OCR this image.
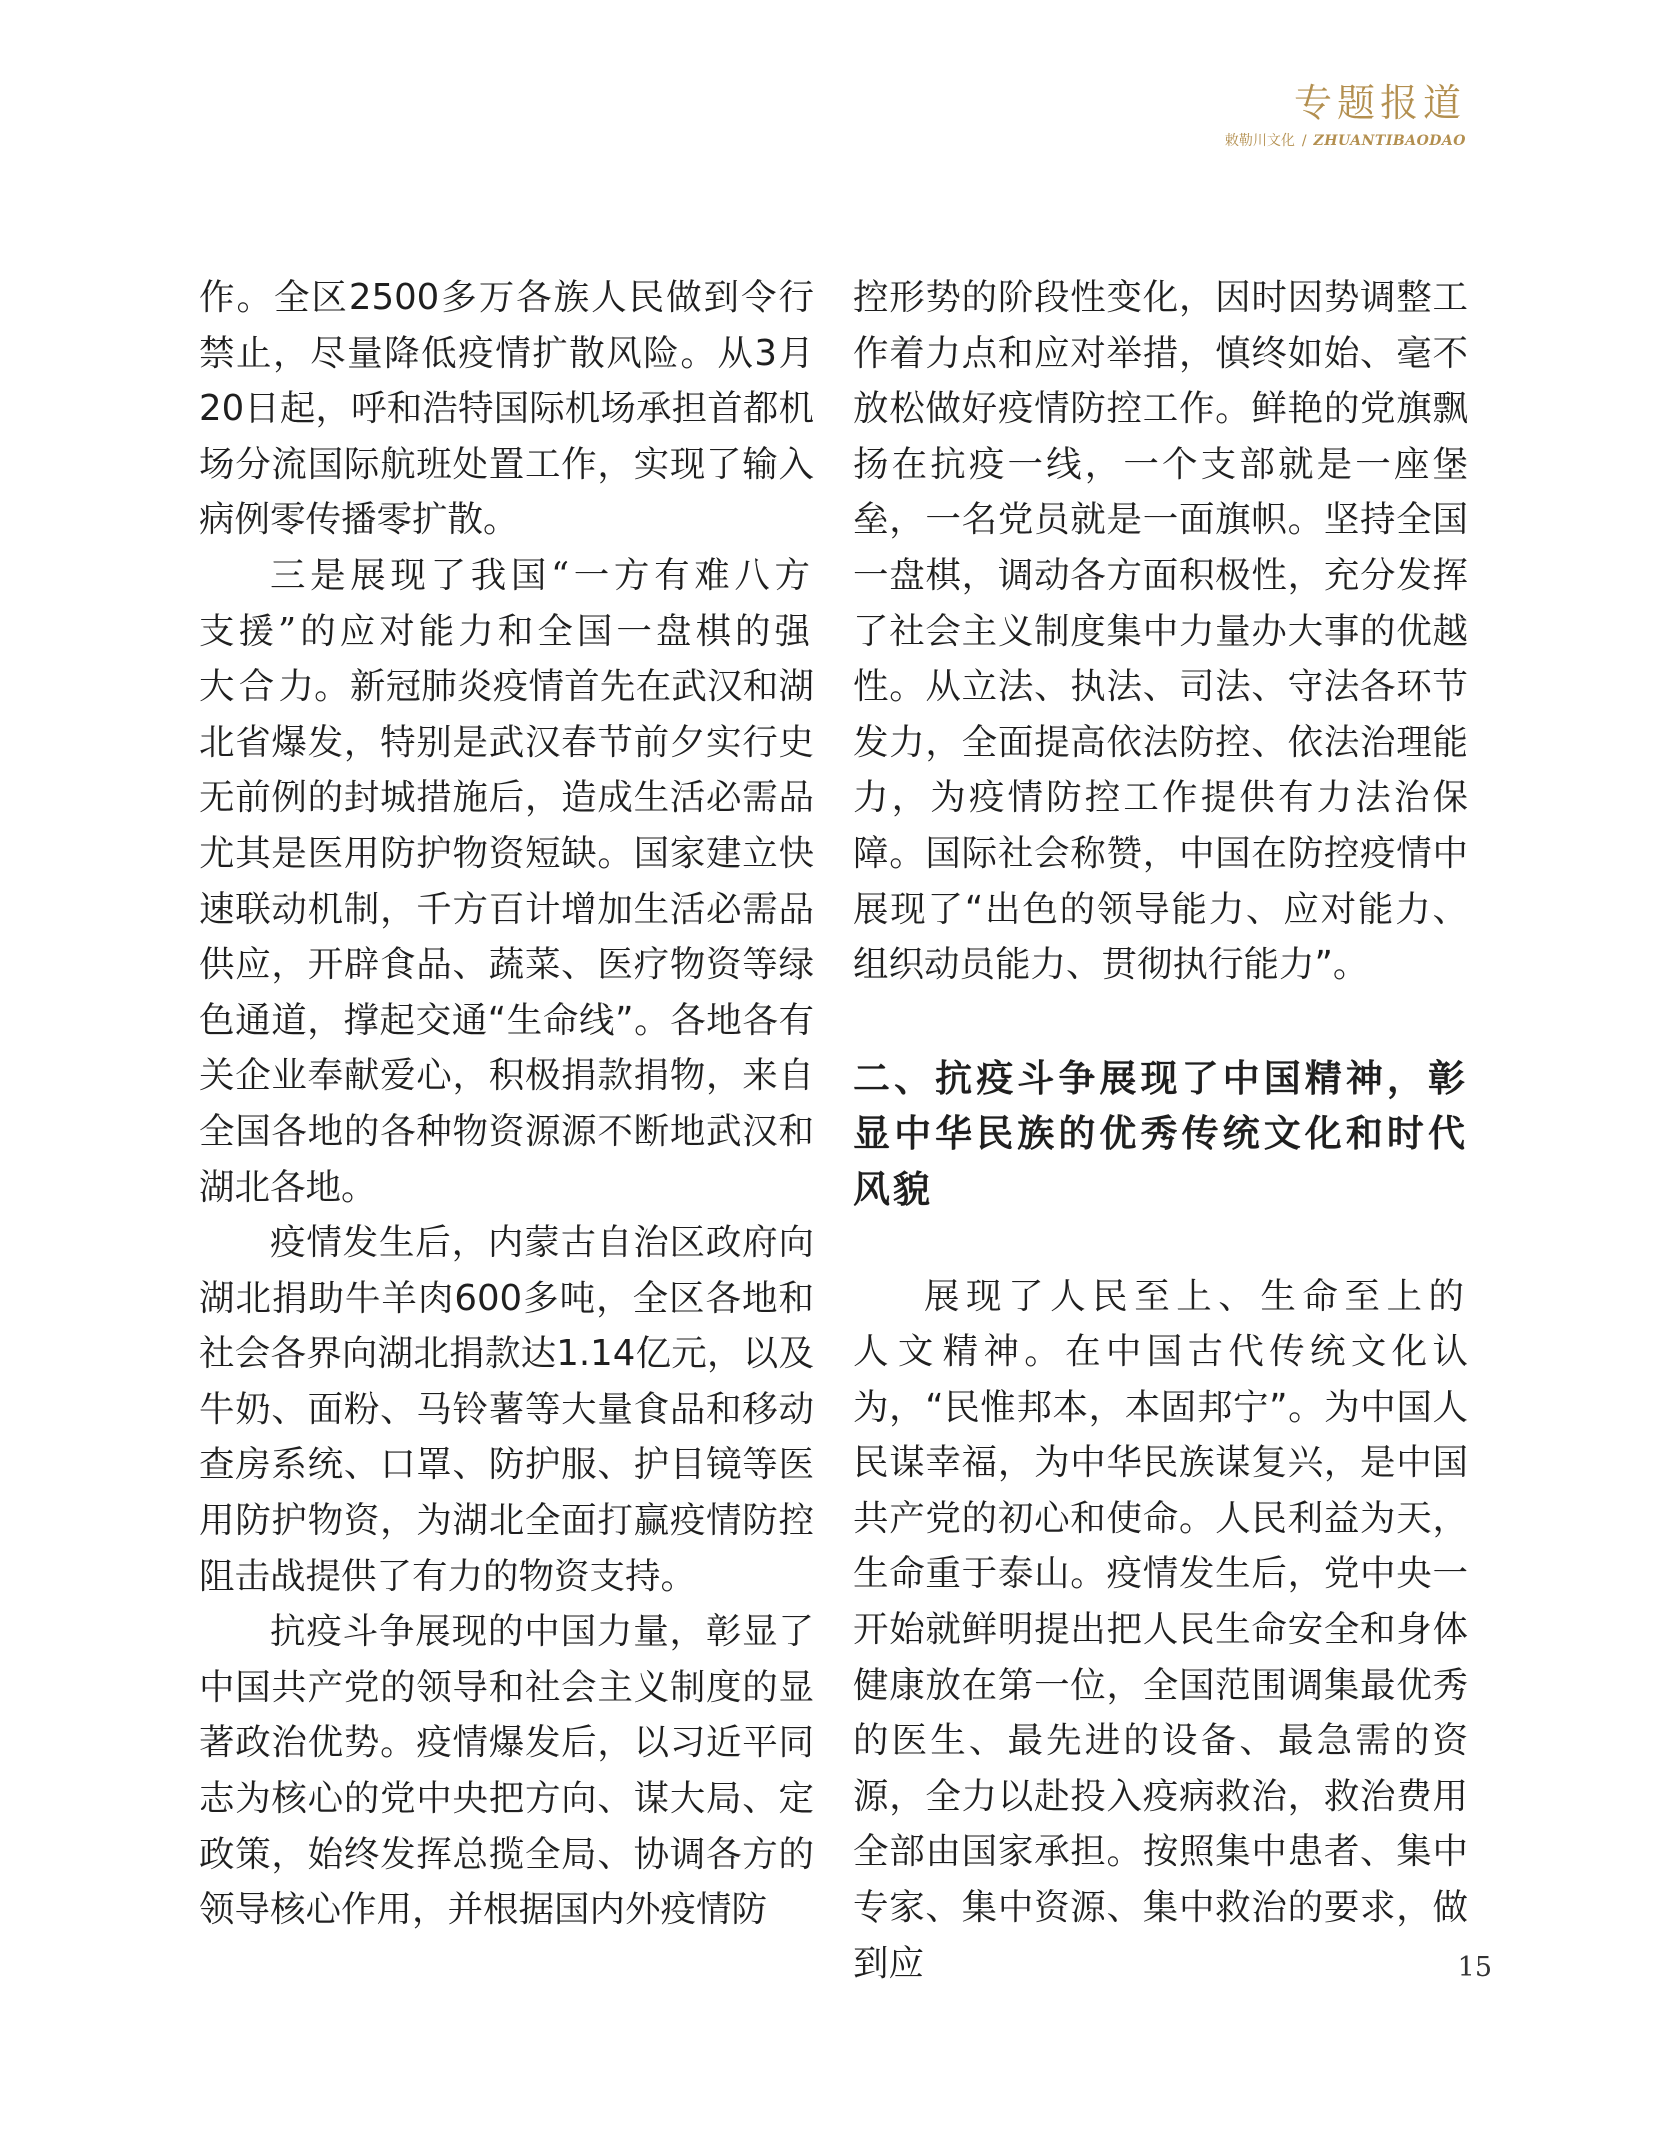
专题报道
敕勒川文化 / ZHUANTIBAODAO

作。全区2500多万各族人民做到令行禁止，尽量降低疫情扩散风险。从3月20日起，呼和浩特国际机场承担首都机场分流国际航班处置工作，实现了输入病例零传播零扩散。

三是展现了我国“一方有难八方支援”的应对能力和全国一盘棋的强大合力。新冠肺炎疫情首先在武汉和湖北省爆发，特别是武汉春节前夕实行史无前例的封城措施后，造成生活必需品尤其是医用防护物资短缺。国家建立快速联动机制，千方百计增加生活必需品供应，开辟食品、蔬菜、医疗物资等绿色通道，撑起交通“生命线”。各地各有关企业奉献爱心，积极捐款捐物，来自全国各地的各种物资源源不断地武汉和湖北各地。

疫情发生后，内蒙古自治区政府向湖北捐助牛羊肉600多吨，全区各地和社会各界向湖北捐款达1.14亿元，以及牛奶、面粉、马铃薯等大量食品和移动查房系统、口罩、防护服、护目镜等医用防护物资，为湖北全面打赢疫情防控阻击战提供了有力的物资支持。

抗疫斗争展现的中国力量，彰显了中国共产党的领导和社会主义制度的显著政治优势。疫情爆发后，以习近平同志为核心的党中央把方向、谋大局、定政策，始终发挥总揽全局、协调各方的领导核心作用，并根据国内外疫情防

控形势的阶段性变化，因时因势调整工作着力点和应对举措，慎终如始、毫不放松做好疫情防控工作。鲜艳的党旗飘扬在抗疫一线，一个支部就是一座堡垒，一名党员就是一面旗帜。坚持全国一盘棋，调动各方面积极性，充分发挥了社会主义制度集中力量办大事的优越性。从立法、执法、司法、守法各环节发力，全面提高依法防控、依法治理能力，为疫情防控工作提供有力法治保障。国际社会称赞，中国在防控疫情中展现了“出色的领导能力、应对能力、组织动员能力、贯彻执行能力”。

二、抗疫斗争展现了中国精神，彰显中华民族的优秀传统文化和时代风貌

展现了人民至上、生命至上的人文精神。在中国古代传统文化认为，“民惟邦本，本固邦宁”。为中国人民谋幸福，为中华民族谋复兴，是中国共产党的初心和使命。人民利益为天，生命重于泰山。疫情发生后，党中央一开始就鲜明提出把人民生命安全和身体健康放在第一位，全国范围调集最优秀的医生、最先进的设备、最急需的资源，全力以赴投入疫病救治，救治费用全部由国家承担。按照集中患者、集中专家、集中资源、集中救治的要求，做到应	15
